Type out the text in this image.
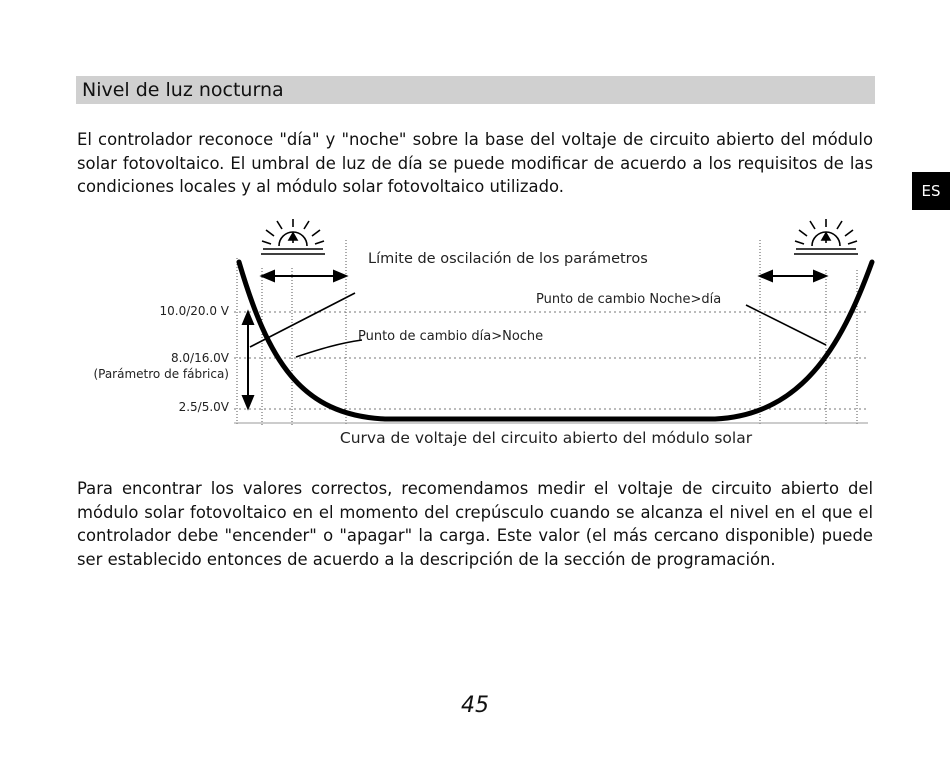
Nivel de luz nocturna

El controlador reconoce "día" y "noche" sobre la base del voltaje de circuito abierto del módulo solar fotovoltaico. El umbral de luz de día se puede modificar de acuerdo a los requisitos de las condiciones locales y al módulo solar fotovoltaico utilizado.	ES
Límite de oscilación de los parámetros
Punto de cambio Noche>día
Punto de cambio día>Noche
10.0/20.0 V
8.0/16.0V
(Parámetro de fábrica)
2.5/5.0V
Curva de voltaje del circuito abierto del módulo solar

Para encontrar los valores correctos, recomendamos medir el voltaje de circuito abierto del módulo solar fotovoltaico en el momento del crepúsculo cuando se alcanza el nivel en el que el controlador debe "encender" o "apagar" la carga. Este valor (el más cercano disponible) puede ser establecido entonces de acuerdo a la descripción de la sección de programación.

45
